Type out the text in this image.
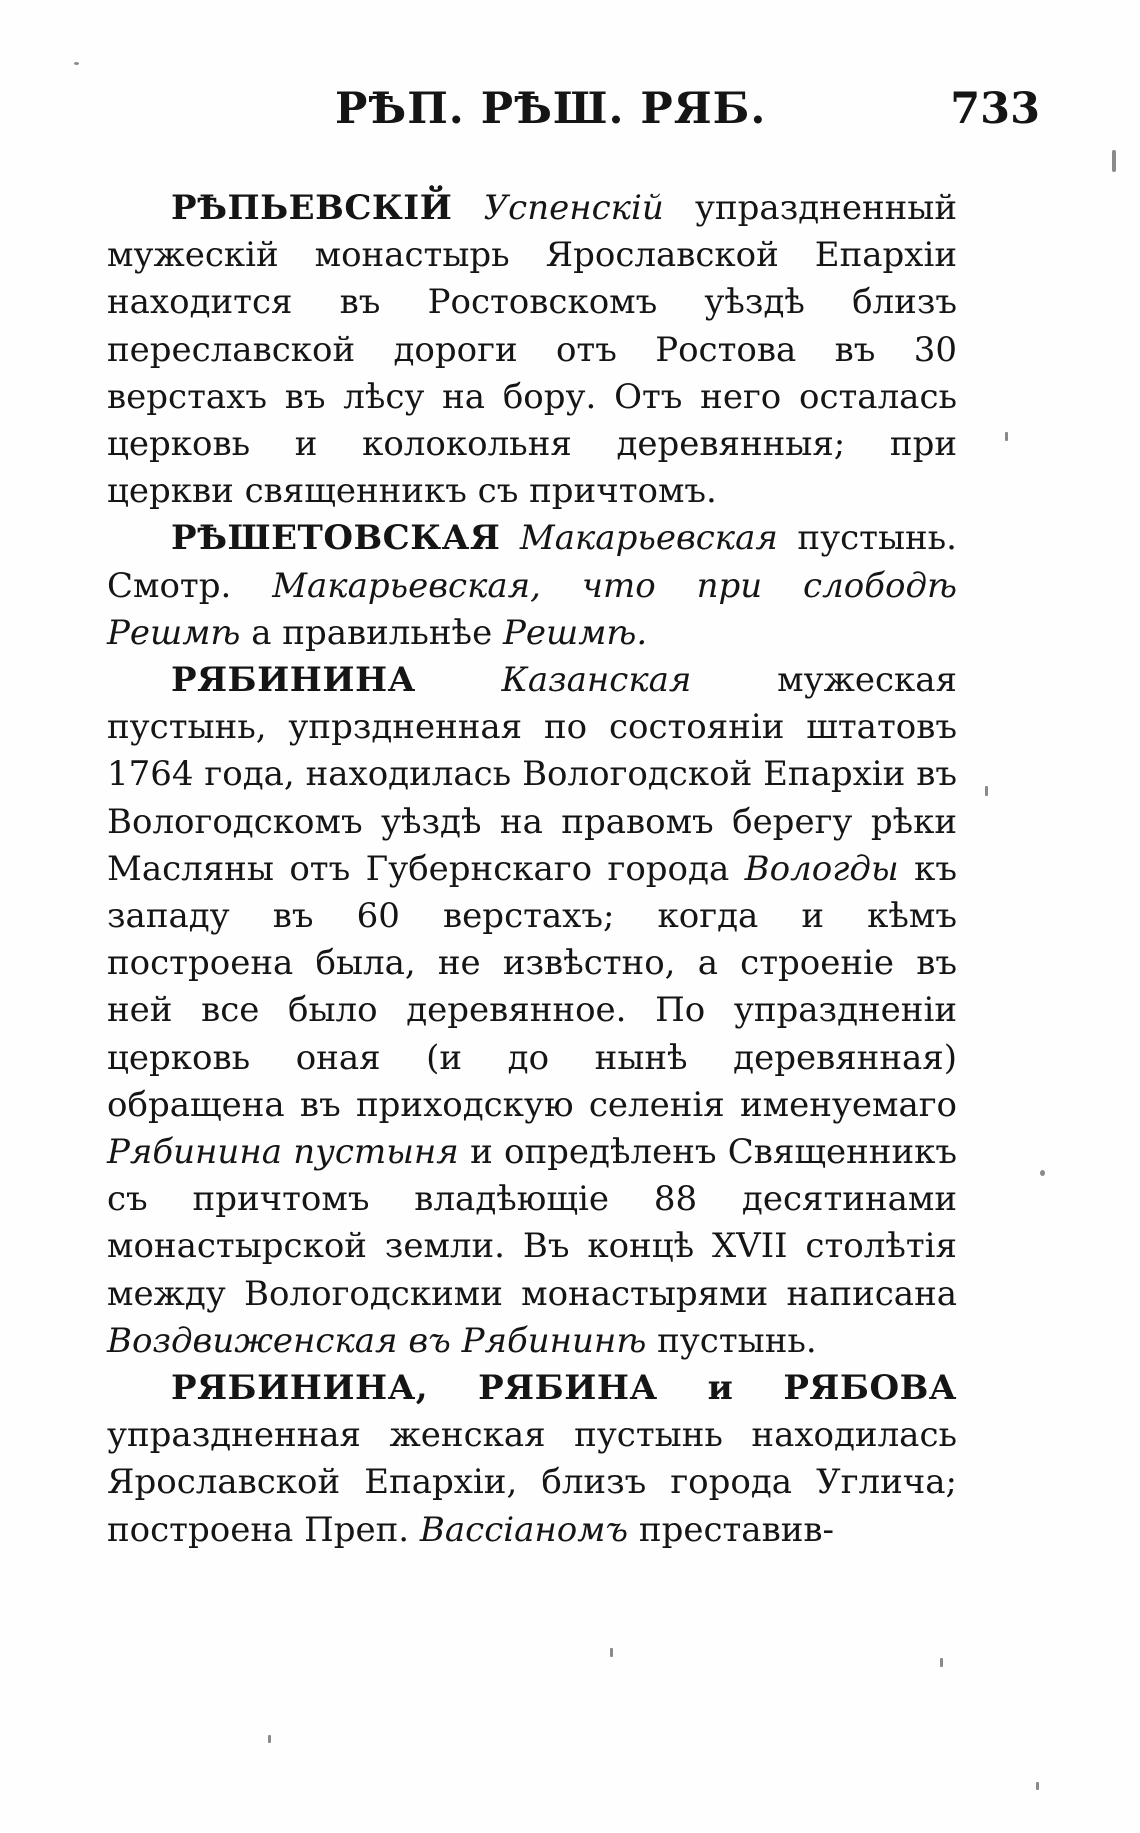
РѢП. РѢШ. РЯБ.	733

РѢПЬЕВСКІЙ Успенскій упраздненный мужескій монастырь Ярославской Епархіи находится въ Ростовскомъ уѣздѣ близъ переславской дороги отъ Ростова въ 30 верстахъ въ лѣсу на бору. Отъ него осталась церковь и колокольня деревянныя; при церкви священникъ съ причтомъ.

РѢШЕТОВСКАЯ Макарьевская пустынь. Смотр. Макарьевская, что при слободѣ Решмѣ а правильнѣе Решмѣ.

РЯБИНИНА	Казанская мужеская пустынь, упрздненная по состояніи штатовъ 1764 года, находилась Вологодской Епархіи въ Вологодскомъ уѣздѣ на правомъ берегу рѣки Масляны отъ Губернскаго города Вологды къ западу въ 60 верстахъ; когда и кѣмъ построена была, не извѣстно, а строеніе въ ней все было деревянное. По упраздненіи церковь оная (и до нынѣ деревянная) обращена въ приходскую селенія именуемаго Рябинина пустыня и опредѣленъ Священникъ съ причтомъ владѣющіе 88 десятинами монастырской земли. Въ концѣ XVII столѣтія между Вологодскими монастырями написана Воздвиженская въ Рябининѣ пустынь.

РЯБИНИНА, РЯБИНА и РЯБОВА упраздненная женская пустынь находилась Ярославской Епархіи, близъ города Углича; построена Преп. Вассіаномъ преставив-
